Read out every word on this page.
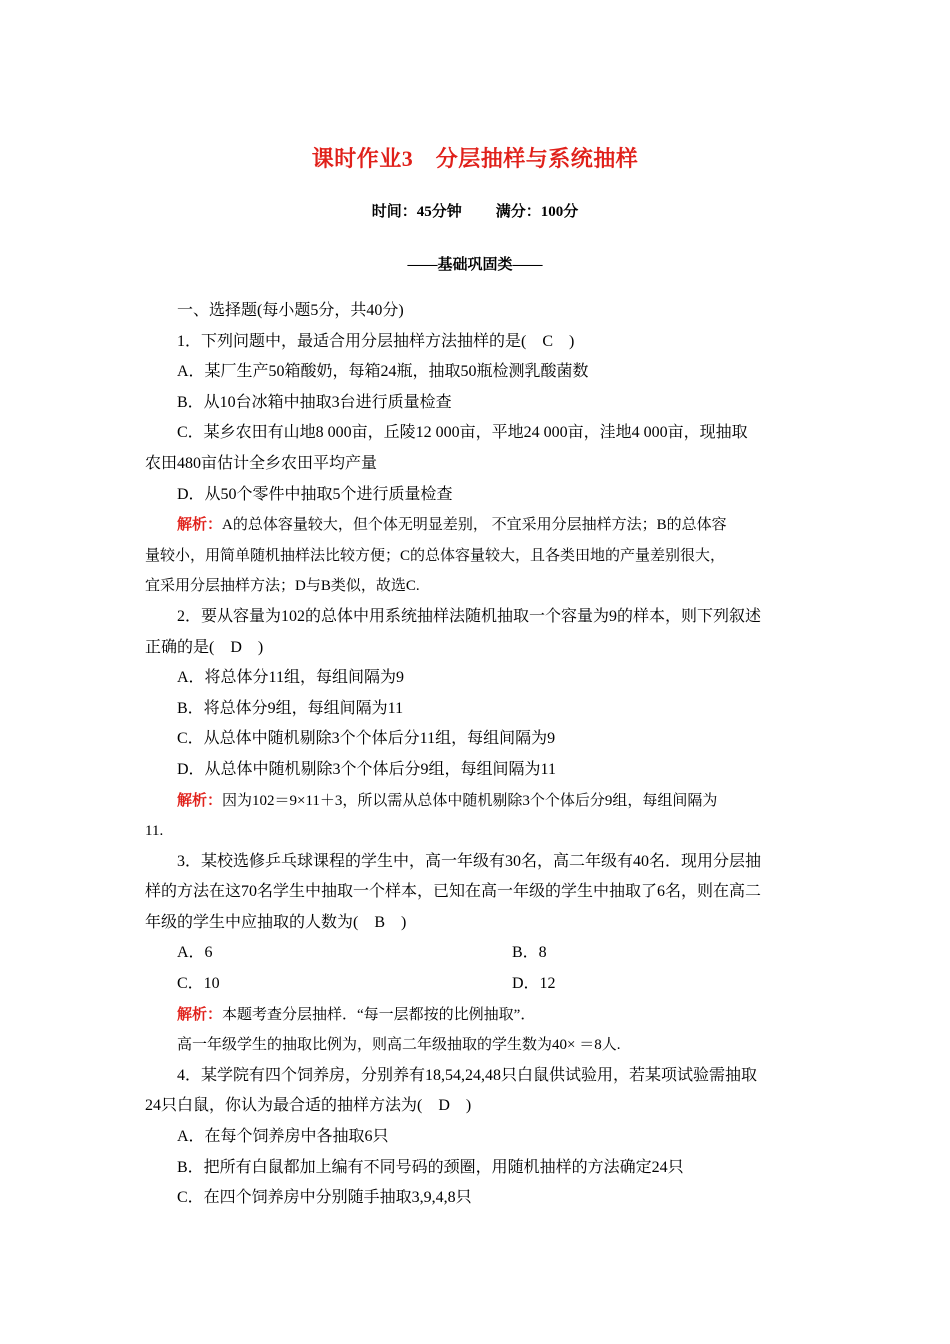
课时作业3　分层抽样与系统抽样
时间：45分钟 满分：100分
——基础巩固类——
一、选择题(每小题5分，共40分)
1．下列问题中，最适合用分层抽样方法抽样的是(　C　)
A．某厂生产50箱酸奶，每箱24瓶，抽取50瓶检测乳酸菌数
B．从10台冰箱中抽取3台进行质量检查
C．某乡农田有山地8 000亩，丘陵12 000亩，平地24 000亩，洼地4 000亩，现抽取
农田480亩估计全乡农田平均产量
D．从50个零件中抽取5个进行质量检查
解析：A的总体容量较大，但个体无明显差别， 不宜采用分层抽样方法；B的总体容
量较小，用简单随机抽样法比较方便；C的总体容量较大，且各类田地的产量差别很大，
宜采用分层抽样方法；D与B类似，故选C.
2．要从容量为102的总体中用系统抽样法随机抽取一个容量为9的样本，则下列叙述
正确的是(　D　)
A．将总体分11组，每组间隔为9
B．将总体分9组，每组间隔为11
C．从总体中随机剔除3个个体后分11组，每组间隔为9
D．从总体中随机剔除3个个体后分9组，每组间隔为11
解析：因为102＝9×11＋3，所以需从总体中随机剔除3个个体后分9组，每组间隔为
11.
3．某校选修乒乓球课程的学生中，高一年级有30名，高二年级有40名．现用分层抽
样的方法在这70名学生中抽取一个样本，已知在高一年级的学生中抽取了6名，则在高二
年级的学生中应抽取的人数为(　B　)
A．6	B．8
C．10	D．12
解析：本题考查分层抽样．“每一层都按的比例抽取”．
高一年级学生的抽取比例为，则高二年级抽取的学生数为40× ＝8人.
4．某学院有四个饲养房，分别养有18,54,24,48只白鼠供试验用，若某项试验需抽取
24只白鼠，你认为最合适的抽样方法为(　D　)
A．在每个饲养房中各抽取6只
B．把所有白鼠都加上编有不同号码的颈圈，用随机抽样的方法确定24只
C．在四个饲养房中分别随手抽取3,9,4,8只
